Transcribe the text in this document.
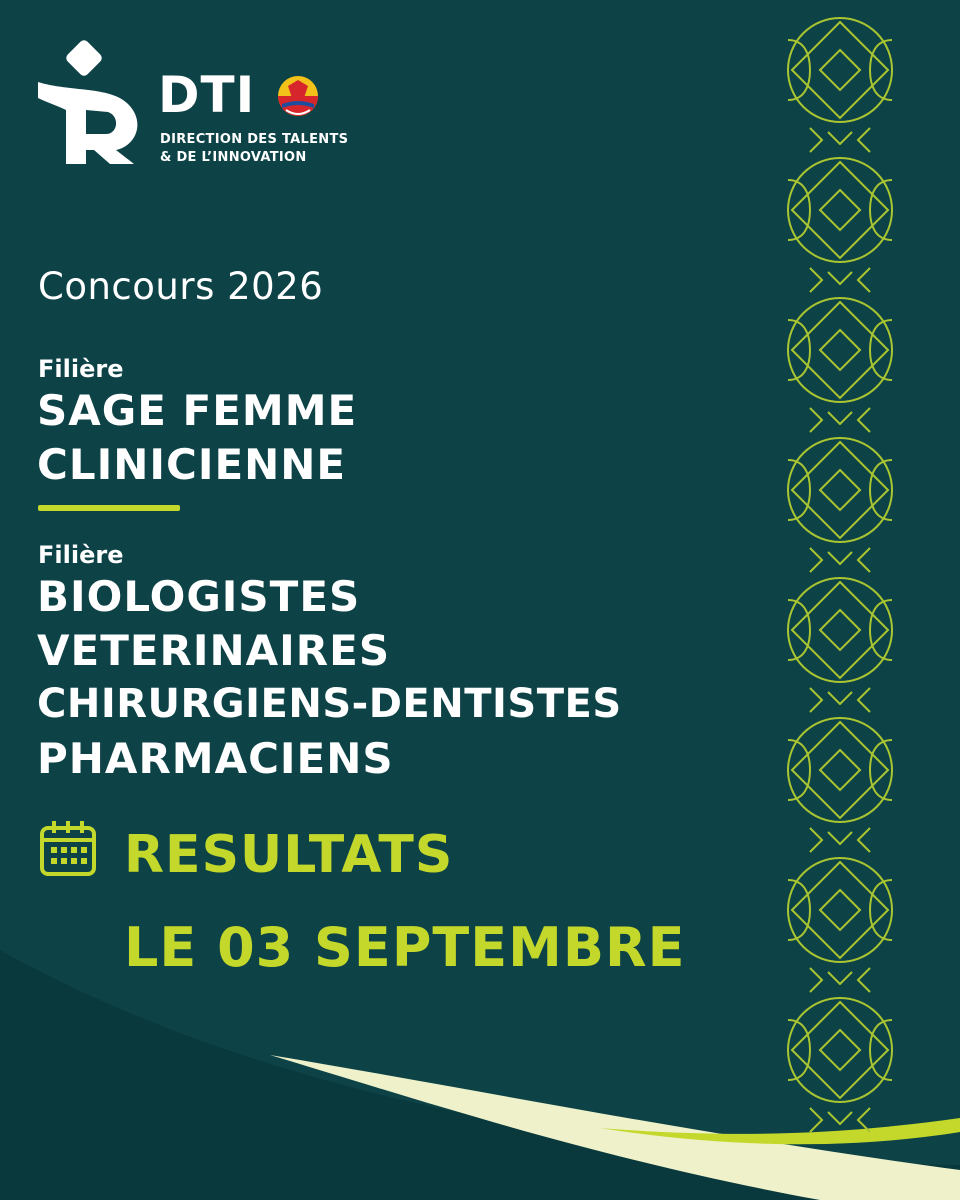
DTI
DIRECTION DES TALENTS
& DE L’INNOVATION
Concours 2026
Filière
SAGE FEMME
CLINICIENNE
Filière
BIOLOGISTES
VETERINAIRES
CHIRURGIENS-DENTISTES
PHARMACIENS
RESULTATS
LE 03 SEPTEMBRE
